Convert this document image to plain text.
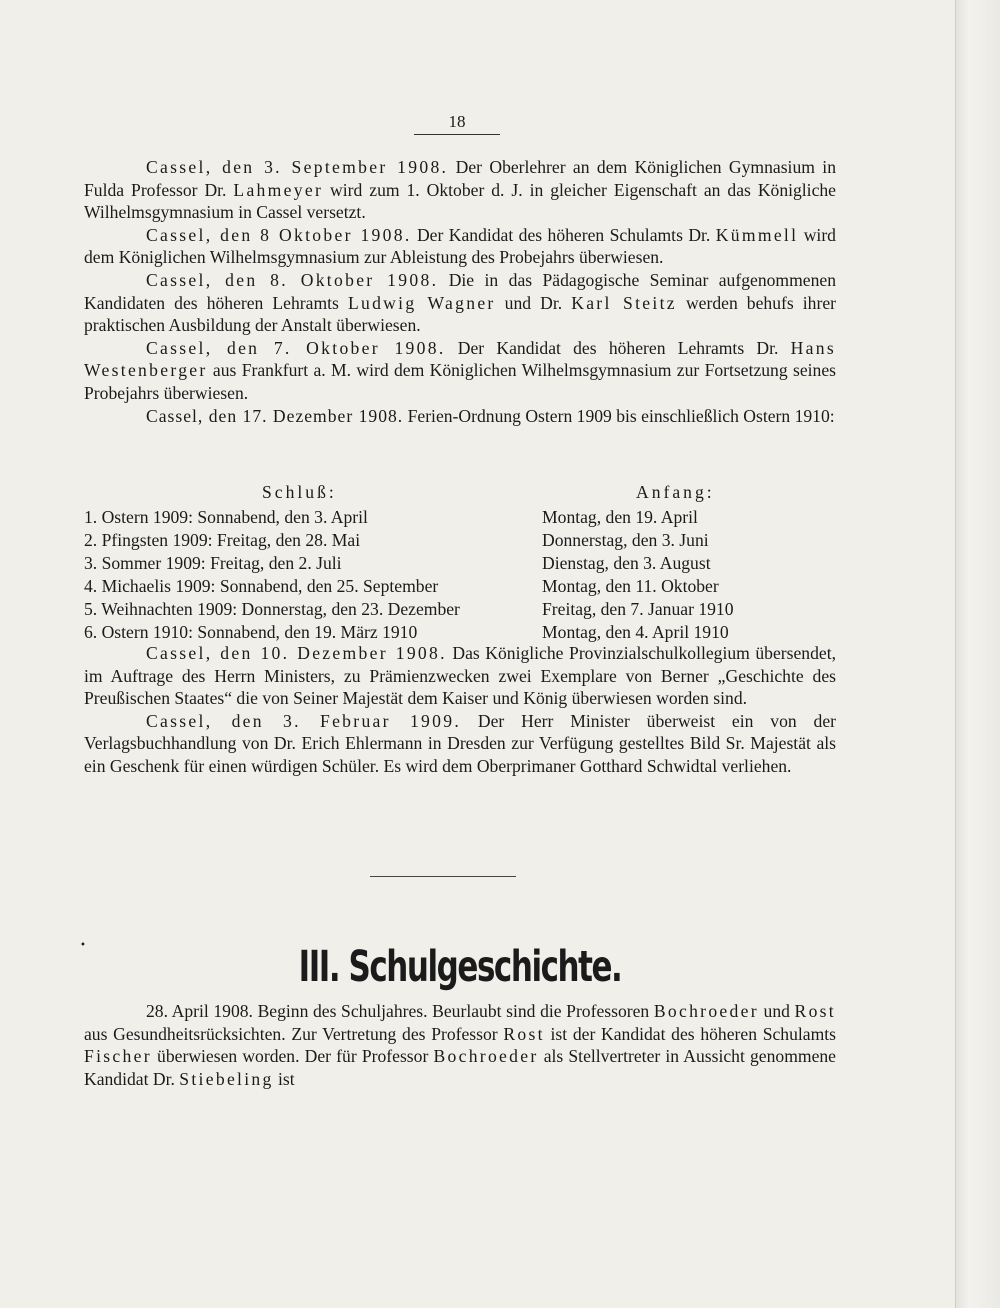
18

Cassel, den 3. September 1908. Der Oberlehrer an dem Königlichen Gymnasium in Fulda Professor Dr. Lahmeyer wird zum 1. Oktober d. J. in gleicher Eigenschaft an das Königliche Wilhelmsgymnasium in Cassel versetzt.

Cassel, den 8 Oktober 1908. Der Kandidat des höheren Schulamts Dr. Kümmell wird dem Königlichen Wilhelmsgymnasium zur Ableistung des Probejahrs überwiesen.

Cassel, den 8. Oktober 1908. Die in das Pädagogische Seminar aufgenommenen Kandidaten des höheren Lehramts Ludwig Wagner und Dr. Karl Steitz werden behufs ihrer praktischen Ausbildung der Anstalt überwiesen.

Cassel, den 7. Oktober 1908. Der Kandidat des höheren Lehramts Dr. Hans Westenberger aus Frankfurt a. M. wird dem Königlichen Wilhelmsgymnasium zur Fortsetzung seines Probejahrs überwiesen.

Cassel, den 17. Dezember 1908. Ferien-Ordnung Ostern 1909 bis einschließlich Ostern 1910:

Schluß:	Anfang:
1. Ostern 1909: Sonnabend, den 3. April	Montag, den 19. April
2. Pfingsten 1909: Freitag, den 28. Mai	Donnerstag, den 3. Juni
3. Sommer 1909: Freitag, den 2. Juli	Dienstag, den 3. August
4. Michaelis 1909: Sonnabend, den 25. September	Montag, den 11. Oktober
5. Weihnachten 1909: Donnerstag, den 23. Dezember	Freitag, den 7. Januar 1910
6. Ostern 1910: Sonnabend, den 19. März 1910	Montag, den 4. April 1910

Cassel, den 10. Dezember 1908. Das Königliche Provinzialschulkollegium übersendet, im Auftrage des Herrn Ministers, zu Prämienzwecken zwei Exemplare von Berner „Geschichte des Preußischen Staates“ die von Seiner Majestät dem Kaiser und König überwiesen worden sind.

Cassel, den 3. Februar 1909. Der Herr Minister überweist ein von der Verlagsbuchhandlung von Dr. Erich Ehlermann in Dresden zur Verfügung gestelltes Bild Sr. Majestät als ein Geschenk für einen würdigen Schüler. Es wird dem Oberprimaner Gotthard Schwidtal verliehen.

•	III. Schulgeschichte.

28. April 1908. Beginn des Schuljahres. Beurlaubt sind die Professoren Bochroeder und Rost aus Gesundheitsrücksichten. Zur Vertretung des Professor Rost ist der Kandidat des höheren Schulamts Fischer überwiesen worden. Der für Professor Bochroeder als Stellvertreter in Aussicht genommene Kandidat Dr. Stiebeling ist
